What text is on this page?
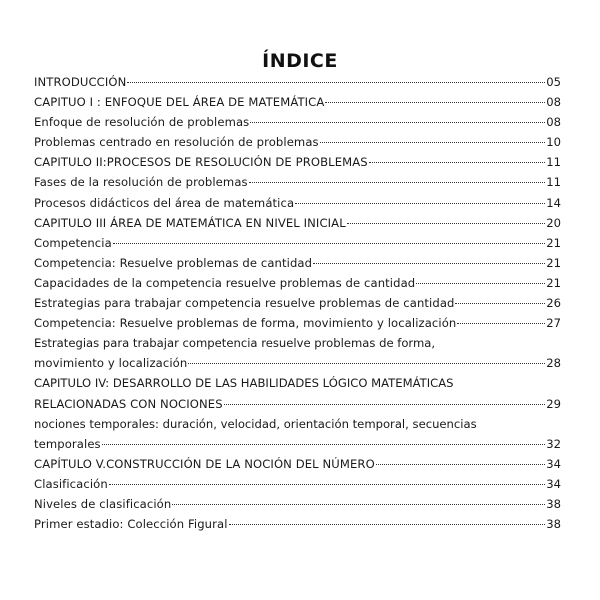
ÍNDICE
INTRODUCCIÓN	05
CAPITUO I : ENFOQUE DEL ÁREA DE MATEMÁTICA	08
Enfoque de resolución de problemas	08
Problemas centrado en resolución de problemas	10
CAPITULO II:PROCESOS DE RESOLUCIÓN DE PROBLEMAS	11
Fases de la resolución de problemas	11
Procesos didácticos del área de matemática	14
CAPITULO III ÁREA DE MATEMÁTICA EN NIVEL INICIAL	20
Competencia	21
Competencia: Resuelve problemas de cantidad	21
Capacidades de la competencia resuelve problemas de cantidad	21
Estrategias para trabajar competencia resuelve problemas de cantidad	26
Competencia: Resuelve problemas de forma, movimiento y localización	27
Estrategias para trabajar competencia resuelve problemas de forma,
movimiento y localización	28
CAPITULO IV: DESARROLLO DE LAS HABILIDADES LÓGICO MATEMÁTICAS
RELACIONADAS CON NOCIONES	29
nociones temporales: duración, velocidad, orientación temporal, secuencias
temporales	32
CAPÍTULO V.CONSTRUCCIÓN DE LA NOCIÓN DEL NÚMERO	34
Clasificación	34
Niveles de clasificación	38
Primer estadio: Colección Figural	38
